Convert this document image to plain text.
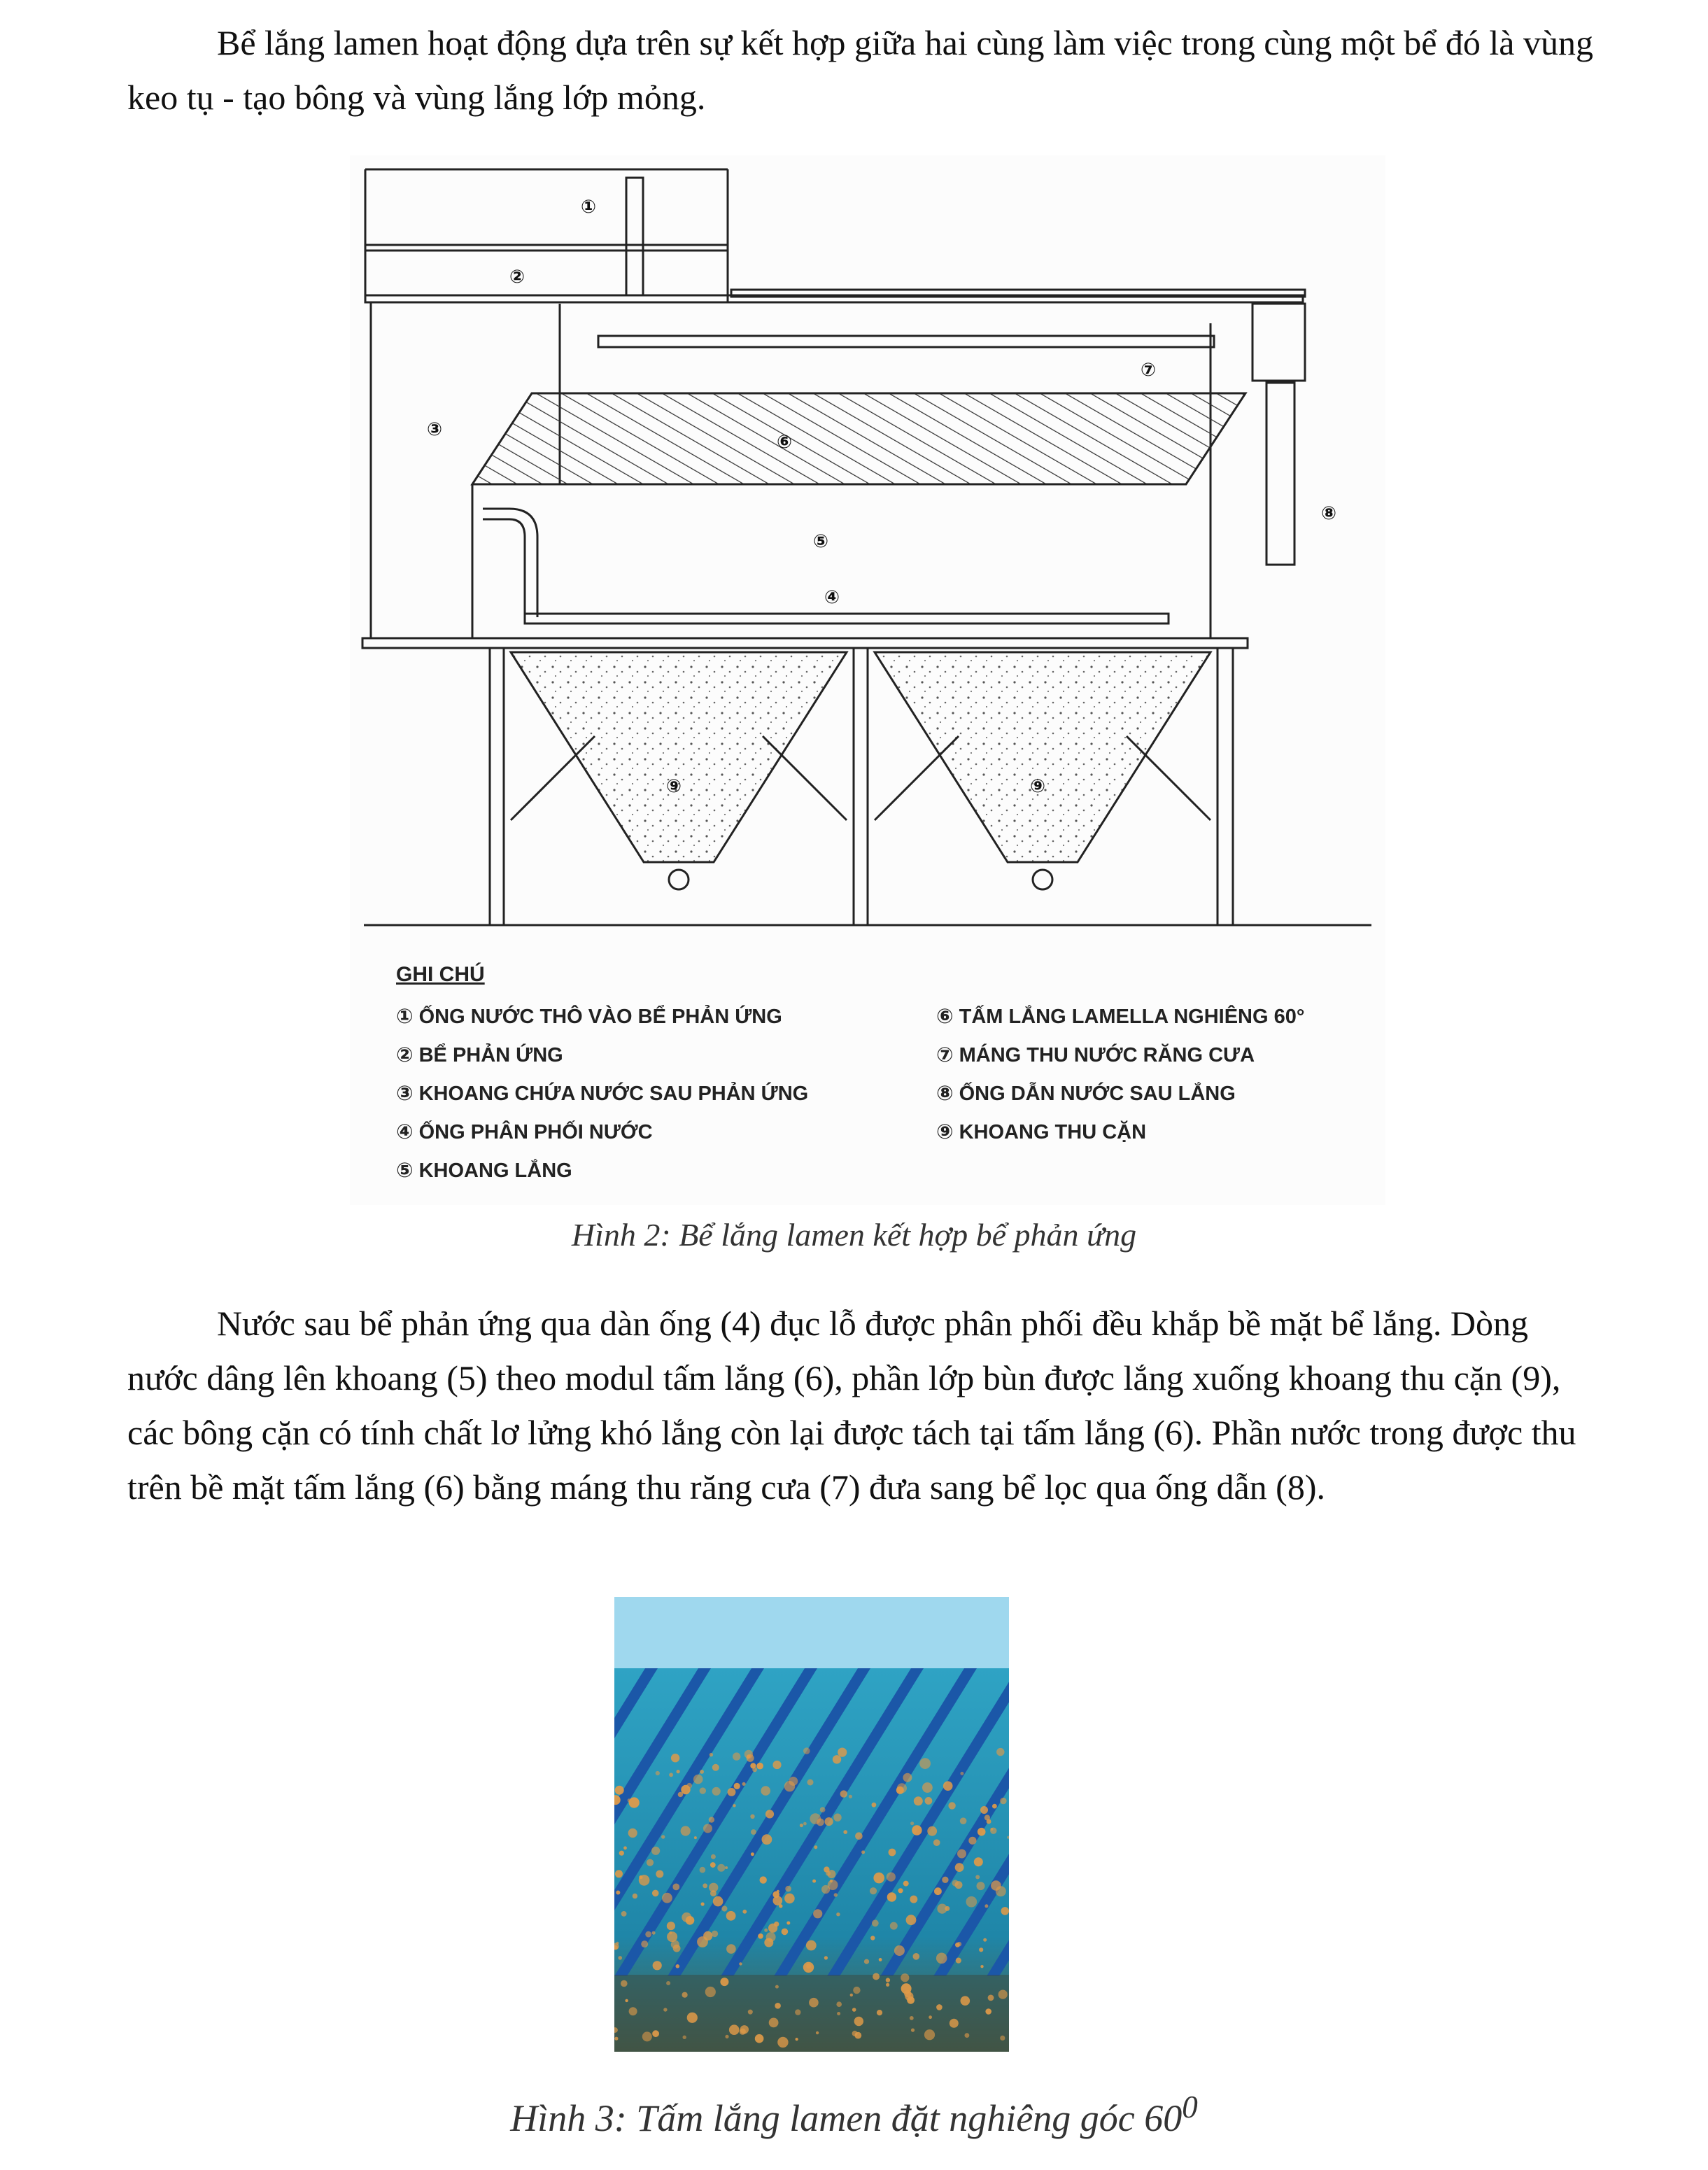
Bể lắng lamen hoạt động dựa trên sự kết hợp giữa hai cùng làm việc trong cùng một bể đó là vùng keo tụ - tạo bông và vùng lắng lớp mỏng.

①
②
③
④
⑤
⑥
⑦
⑧
⑨	⑨
GHI CHÚ
① ỐNG NƯỚC THÔ VÀO BỂ PHẢN ỨNG
② BỂ PHẢN ỨNG
③ KHOANG CHỨA NƯỚC SAU PHẢN ỨNG
④ ỐNG PHÂN PHỐI NƯỚC
⑤ KHOANG LẮNG
⑥ TẤM LẮNG LAMELLA NGHIÊNG 60°
⑦ MÁNG THU NƯỚC RĂNG CƯA
⑧ ỐNG DẪN NƯỚC SAU LẮNG
⑨ KHOANG THU CẶN
Hình 2: Bể lắng lamen kết hợp bể phản ứng

Nước sau bể phản ứng qua dàn ống (4) đục lỗ được phân phối đều khắp bề mặt bể lắng. Dòng nước dâng lên khoang (5) theo modul tấm lắng (6), phần lớp bùn được lắng xuống khoang thu cặn (9), các bông cặn có tính chất lơ lửng khó lắng còn lại được tách tại tấm lắng (6). Phần nước trong được thu trên bề mặt tấm lắng (6) bằng máng thu răng cưa (7) đưa sang bể lọc qua ống dẫn (8).

Hình 3: Tấm lắng lamen đặt nghiêng góc $60^0$
